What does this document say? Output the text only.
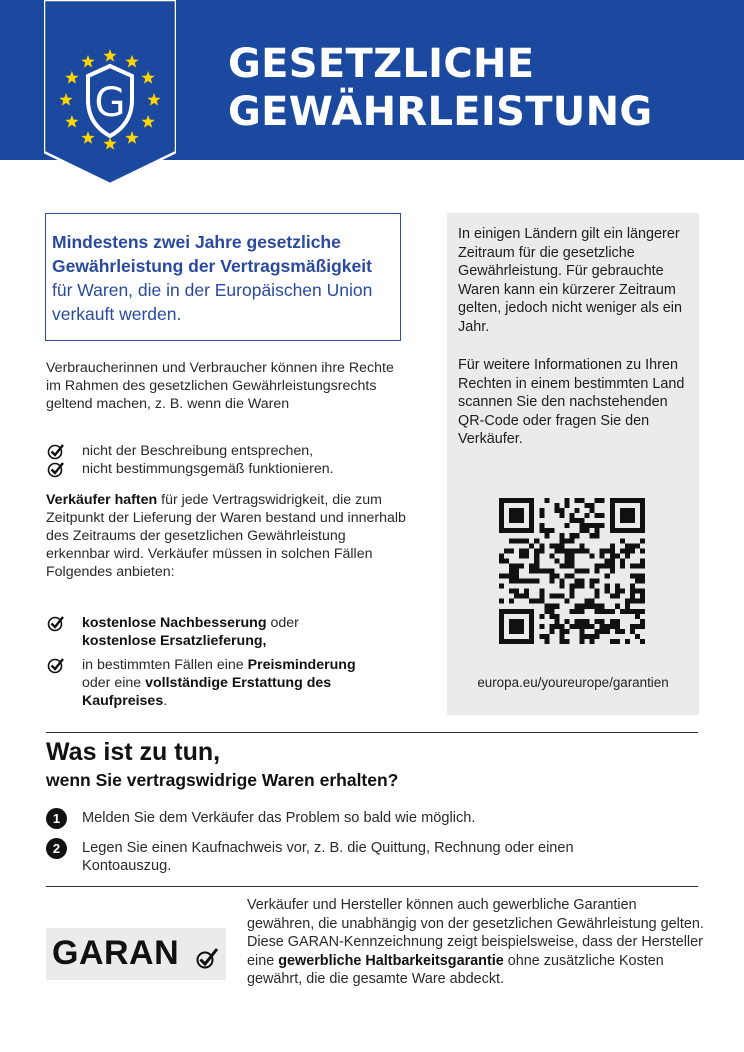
GESETZLICHE
GEWÄHRLEISTUNG
G
Mindestens zwei Jahre gesetzliche Gewährleistung der Vertragsmäßigkeit für Waren, die in der Europäischen Union verkauft werden.
Verbraucherinnen und Verbraucher können ihre Rechte im Rahmen des gesetzlichen Gewährleistungsrechts geltend machen, z. B. wenn die Waren
nicht der Beschreibung entsprechen,
nicht bestimmungsgemäß funktionieren.
Verkäufer haften für jede Vertragswidrigkeit, die zum Zeitpunkt der Lieferung der Waren bestand und innerhalb des Zeitraums der gesetzlichen Gewährleistung erkennbar wird. Verkäufer müssen in solchen Fällen Folgendes anbieten:
kostenlose Nachbesserung oder
kostenlose Ersatzlieferung,
in bestimmten Fällen eine Preisminderung
oder eine vollständige Erstattung des Kaufpreises.

In einigen Ländern gilt ein längerer Zeitraum für die gesetzliche Gewährleistung. Für gebrauchte Waren kann ein kürzerer Zeitraum gelten, jedoch nicht weniger als ein Jahr.

Für weitere Informationen zu Ihren Rechten in einem bestimmten Land scannen Sie den nachstehenden QR-Code oder fragen Sie den Verkäufer.

europa.eu/youreurope/garantien
Was ist zu tun,
wenn Sie vertragswidrige Waren erhalten?
1	Melden Sie dem Verkäufer das Problem so bald wie möglich.
2	Legen Sie einen Kaufnachweis vor, z. B. die Quittung, Rechnung oder einen Kontoauszug.
GARAN
Verkäufer und Hersteller können auch gewerbliche Garantien gewähren, die unabhängig von der gesetzlichen Gewährleistung gelten. Diese GARAN-Kennzeichnung zeigt beispielsweise, dass der Hersteller eine gewerbliche Haltbarkeitsgarantie ohne zusätzliche Kosten gewährt, die die gesamte Ware abdeckt.
